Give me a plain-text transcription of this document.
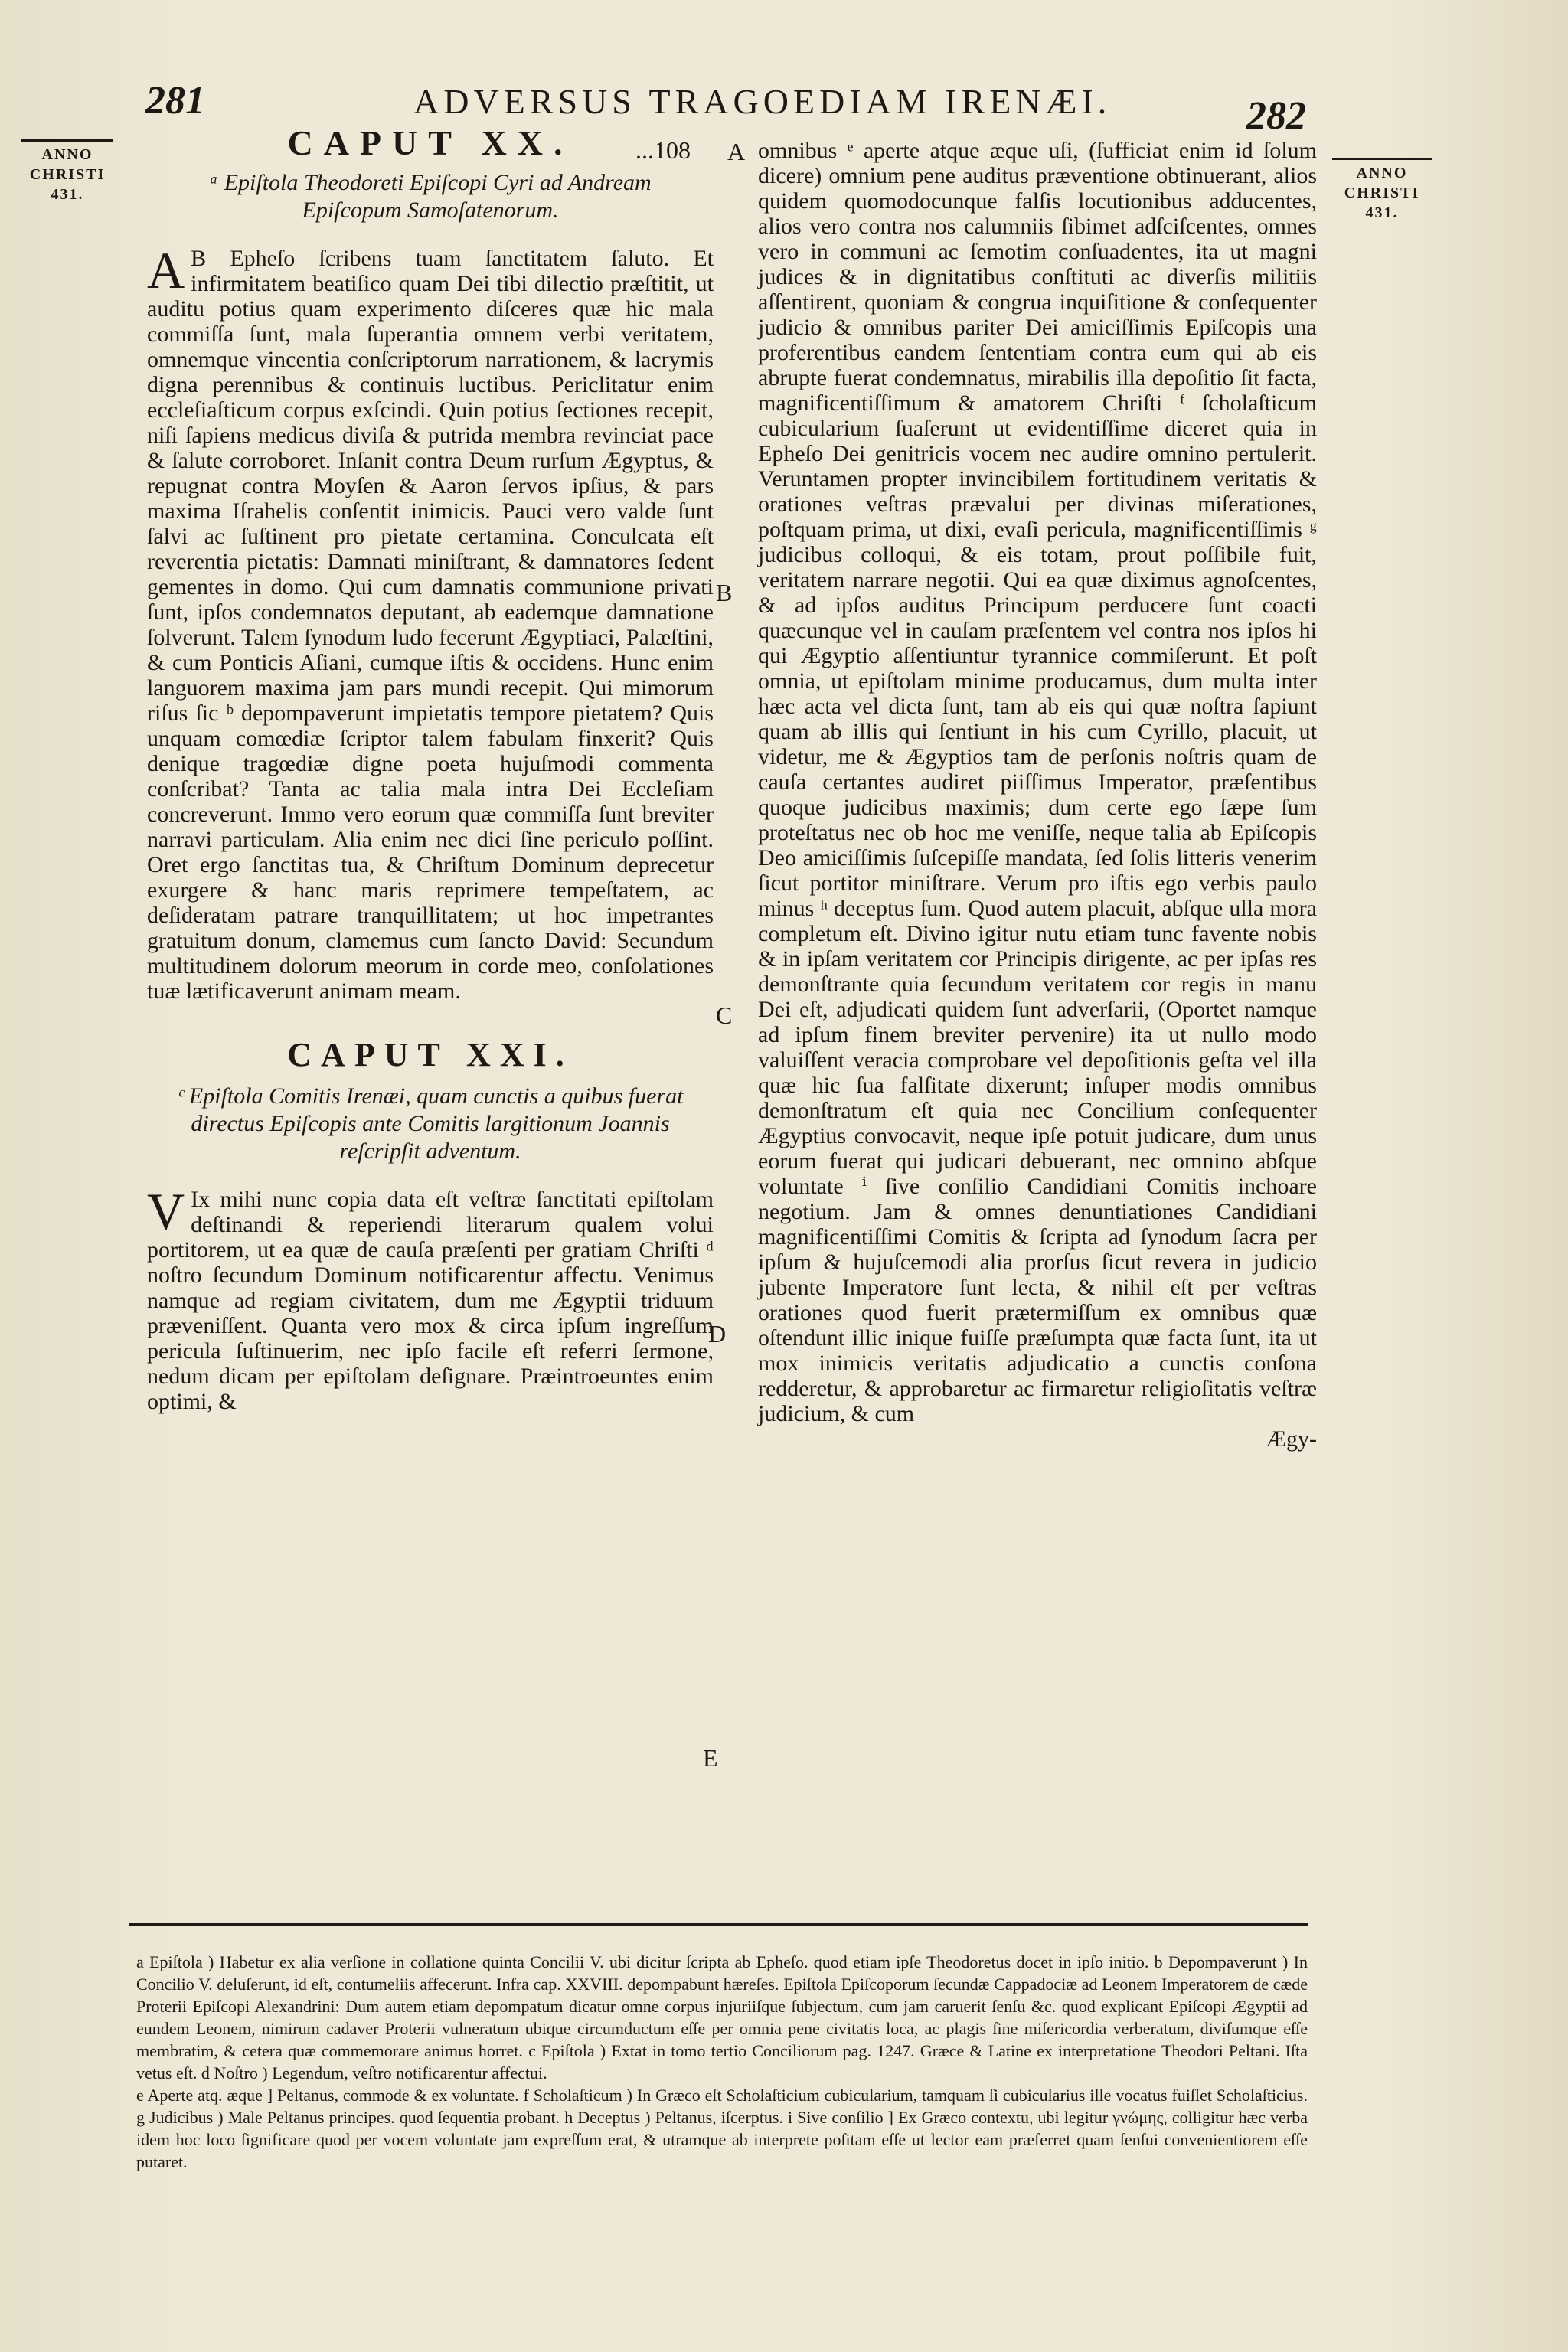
281	ADVERSUS TRAGOEDIAM IRENÆI.	282
ANNO CHRISTI 431.
ANNO CHRISTI 431.
...108
CAPUT XX.

ᵃ Epiſtola Theodoreti Epiſcopi Cyri ad Andream Epiſcopum Samoſatenorum.

AB Epheſo ſcribens tuam ſanctitatem ſaluto. Et infirmitatem beatiſico quam Dei tibi dilectio præſtitit, ut auditu potius quam experimento diſceres quæ hic mala commiſſa ſunt, mala ſuperantia omnem verbi veritatem, omnemque vincentia conſcriptorum narrationem, & lacrymis digna perennibus & continuis luctibus. Periclitatur enim eccleſiaſticum corpus exſcindi. Quin potius ſectiones recepit, niſi ſapiens medicus diviſa & putrida membra revinciat pace & ſalute corroboret. Inſanit contra Deum rurſum Ægyptus, & repugnat contra Moyſen & Aaron ſervos ipſius, & pars maxima Iſrahelis conſentit inimicis. Pauci vero valde ſunt ſalvi ac ſuſtinent pro pietate certamina. Conculcata eſt reverentia pietatis: Damnati miniſtrant, & damnatores ſedent gementes in domo. Qui cum damnatis communione privati ſunt, ipſos condemnatos deputant, ab eademque damnatione ſolverunt. Talem ſynodum ludo fecerunt Ægyptiaci, Palæſtini, & cum Ponticis Aſiani, cumque iſtis & occidens. Hunc enim languorem maxima jam pars mundi recepit. Qui mimorum riſus ſic ᵇ depompaverunt impietatis tempore pietatem? Quis unquam comœdiæ ſcriptor talem fabulam finxerit? Quis denique tragœdiæ digne poeta hujuſmodi commenta conſcribat? Tanta ac talia mala intra Dei Eccleſiam concreverunt. Immo vero eorum quæ commiſſa ſunt breviter narravi particulam. Alia enim nec dici ſine periculo poſſint. Oret ergo ſanctitas tua, & Chriſtum Dominum deprecetur exurgere & hanc maris reprimere tempeſtatem, ac deſideratam patrare tranquillitatem; ut hoc impetrantes gratuitum donum, clamemus cum ſancto David: Secundum multitudinem dolorum meorum in corde meo, conſolationes tuæ lætificaverunt animam meam.

CAPUT XXI.

ᶜ Epiſtola Comitis Irenæi, quam cunctis a quibus fuerat directus Epiſcopis ante Comitis largitionum Joannis reſcripſit adventum.

VIx mihi nunc copia data eſt veſtræ ſanctitati epiſtolam deſtinandi & reperiendi literarum qualem volui portitorem, ut ea quæ de cauſa præſenti per gratiam Chriſti ᵈ noſtro ſecundum Dominum notificarentur affectu. Venimus namque ad regiam civitatem, dum me Ægyptii triduum præveniſſent. Quanta vero mox & circa ipſum ingreſſum pericula ſuſtinuerim, nec ipſo facile eſt referri ſermone, nedum dicam per epiſtolam deſignare. Præintroeuntes enim optimi, &

A
B
C
D
E

omnibus ᵉ aperte atque æque uſi, (ſufficiat enim id ſolum dicere) omnium pene auditus præventione obtinuerant, alios quidem quomodocunque falſis locutionibus adducentes, alios vero contra nos calumniis ſibimet adſciſcentes, omnes vero in communi ac ſemotim conſuadentes, ita ut magni judices & in dignitatibus conſtituti ac diverſis militiis aſſentirent, quoniam & congrua inquiſitione & conſequenter judicio & omnibus pariter Dei amiciſſimis Epiſcopis una proferentibus eandem ſententiam contra eum qui ab eis abrupte fuerat condemnatus, mirabilis illa depoſitio ſit facta, magnificentiſſimum & amatorem Chriſti ᶠ ſcholaſticum cubicularium ſuaſerunt ut evidentiſſime diceret quia in Epheſo Dei genitricis vocem nec audire omnino pertulerit. Veruntamen propter invincibilem fortitudinem veritatis & orationes veſtras prævalui per divinas miſerationes, poſtquam prima, ut dixi, evaſi pericula, magnificentiſſimis ᵍ judicibus colloqui, & eis totam, prout poſſibile fuit, veritatem narrare negotii. Qui ea quæ diximus agnoſcentes, & ad ipſos auditus Principum perducere ſunt coacti quæcunque vel in cauſam præſentem vel contra nos ipſos hi qui Ægyptio aſſentiuntur tyrannice commiſerunt. Et poſt omnia, ut epiſtolam minime producamus, dum multa inter hæc acta vel dicta ſunt, tam ab eis qui quæ noſtra ſapiunt quam ab illis qui ſentiunt in his cum Cyrillo, placuit, ut videtur, me & Ægyptios tam de perſonis noſtris quam de cauſa certantes audiret piiſſimus Imperator, præſentibus quoque judicibus maximis; dum certe ego ſæpe ſum proteſtatus nec ob hoc me veniſſe, neque talia ab Epiſcopis Deo amiciſſimis ſuſcepiſſe mandata, ſed ſolis litteris venerim ſicut portitor miniſtrare. Verum pro iſtis ego verbis paulo minus ʰ deceptus ſum. Quod autem placuit, abſque ulla mora completum eſt. Divino igitur nutu etiam tunc favente nobis & in ipſam veritatem cor Principis dirigente, ac per ipſas res demonſtrante quia ſecundum veritatem cor regis in manu Dei eſt, adjudicati quidem ſunt adverſarii, (Oportet namque ad ipſum finem breviter pervenire) ita ut nullo modo valuiſſent veracia comprobare vel depoſitionis geſta vel illa quæ hic ſua falſitate dixerunt; inſuper modis omnibus demonſtratum eſt quia nec Concilium conſequenter Ægyptius convocavit, neque ipſe potuit judicare, dum unus eorum fuerat qui judicari debuerant, nec omnino abſque voluntate ⁱ ſive conſilio Candidiani Comitis inchoare negotium. Jam & omnes denuntiationes Candidiani magnificentiſſimi Comitis & ſcripta ad ſynodum ſacra per ipſum & hujuſcemodi alia prorſus ſicut revera in judicio jubente Imperatore ſunt lecta, & nihil eſt per veſtras orationes quod fuerit prætermiſſum ex omnibus quæ oſtendunt illic inique fuiſſe præſumpta quæ facta ſunt, ita ut mox inimicis veritatis adjudicatio a cunctis conſona redderetur, & approbaretur ac firmaretur religioſitatis veſtræ judicium, & cum

Ægy-

a Epiſtola ) Habetur ex alia verſione in collatione quinta Concilii V. ubi dicitur ſcripta ab Epheſo. quod etiam ipſe Theodoretus docet in ipſo initio. b Depompaverunt ) In Concilio V. deluſerunt, id eſt, contumeliis affecerunt. Infra cap. XXVIII. depompabunt hæreſes. Epiſtola Epiſcoporum ſecundæ Cappadociæ ad Leonem Imperatorem de cæde Proterii Epiſcopi Alexandrini: Dum autem etiam depompatum dicatur omne corpus injuriiſque ſubjectum, cum jam caruerit ſenſu &c. quod explicant Epiſcopi Ægyptii ad eundem Leonem, nimirum cadaver Proterii vulneratum ubique circumductum eſſe per omnia pene civitatis loca, ac plagis ſine miſericordia verberatum, diviſumque eſſe membratim, & cetera quæ commemorare animus horret. c Epiſtola ) Extat in tomo tertio Conciliorum pag. 1247. Græce & Latine ex interpretatione Theodori Peltani. Iſta vetus eſt. d Noſtro ) Legendum, veſtro notificarentur affectui.

e Aperte atq. æque ] Peltanus, commode & ex voluntate. f Scholaſticum ) In Græco eſt Scholaſticium cubicularium, tamquam ſi cubicularius ille vocatus fuiſſet Scholaſticius. g Judicibus ) Male Peltanus principes. quod ſequentia probant. h Deceptus ) Peltanus, iſcerptus. i Sive conſilio ] Ex Græco contextu, ubi legitur γνώμης, colligitur hæc verba idem hoc loco ſignificare quod per vocem voluntate jam expreſſum erat, & utramque ab interprete poſitam eſſe ut lector eam præferret quam ſenſui convenientiorem eſſe putaret.
